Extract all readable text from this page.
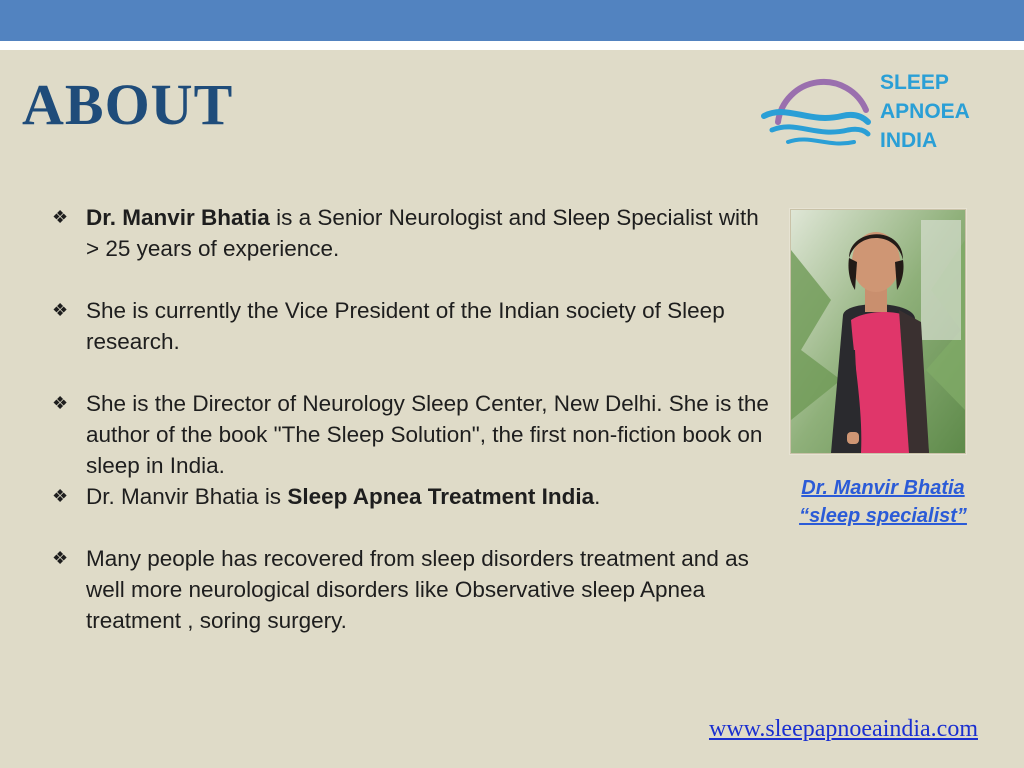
ABOUT	SLEEP
APNOEA
INDIA
❖ Dr. Manvir Bhatia is a Senior Neurologist and Sleep Specialist with > 25 years of experience.
❖ She is currently the Vice President of the Indian society of Sleep research.
❖ She is the Director of Neurology Sleep Center, New Delhi. She is the author of the book "The Sleep Solution", the first non-fiction book on sleep in India.
❖ Dr. Manvir Bhatia is Sleep Apnea Treatment India.
❖ Many people has recovered from sleep disorders treatment and as well more neurological disorders like Observative sleep Apnea treatment , soring surgery.
Dr. Manvir Bhatia
“sleep specialist”
www.sleepapnoeaindia.com
